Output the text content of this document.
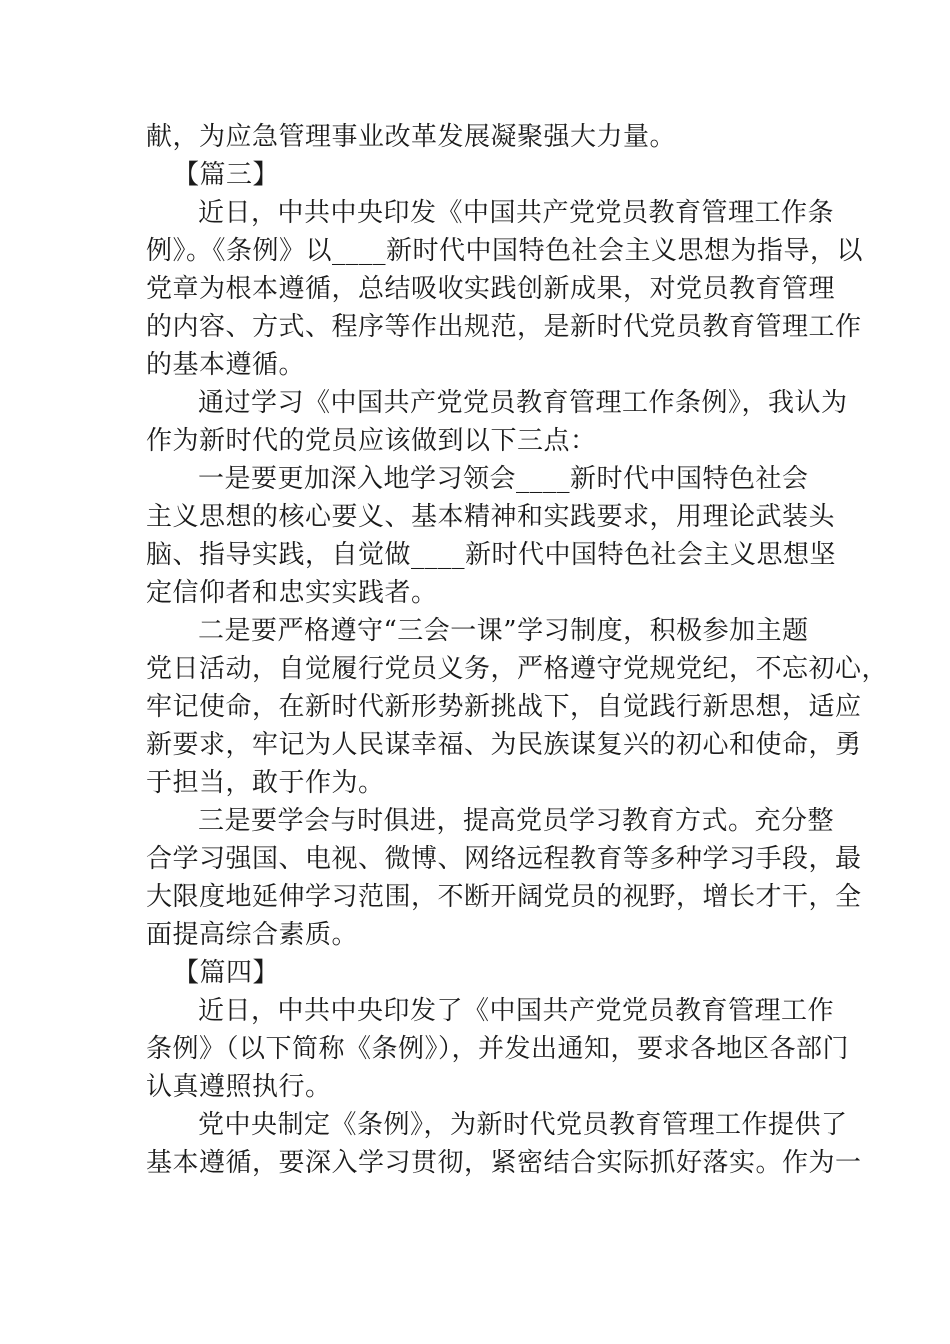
献，为应急管理事业改革发展凝聚强大力量。
【篇三】
近日，中共中央印发《中国共产党党员教育管理工作条
例》。《条例》以____新时代中国特色社会主义思想为指导，以
党章为根本遵循，总结吸收实践创新成果，对党员教育管理
的内容、方式、程序等作出规范，是新时代党员教育管理工作
的基本遵循。
通过学习《中国共产党党员教育管理工作条例》，我认为
作为新时代的党员应该做到以下三点：
一是要更加深入地学习领会____新时代中国特色社会
主义思想的核心要义、基本精神和实践要求，用理论武装头
脑、指导实践，自觉做____新时代中国特色社会主义思想坚
定信仰者和忠实实践者。
二是要严格遵守“三会一课”学习制度，积极参加主题
党日活动，自觉履行党员义务，严格遵守党规党纪，不忘初心，
牢记使命，在新时代新形势新挑战下，自觉践行新思想，适应
新要求，牢记为人民谋幸福、为民族谋复兴的初心和使命，勇
于担当，敢于作为。
三是要学会与时俱进，提高党员学习教育方式。充分整
合学习强国、电视、微博、网络远程教育等多种学习手段，最
大限度地延伸学习范围，不断开阔党员的视野，增长才干，全
面提高综合素质。
【篇四】
近日，中共中央印发了《中国共产党党员教育管理工作
条例》（以下简称《条例》），并发出通知，要求各地区各部门
认真遵照执行。
党中央制定《条例》，为新时代党员教育管理工作提供了
基本遵循，要深入学习贯彻，紧密结合实际抓好落实。作为一
